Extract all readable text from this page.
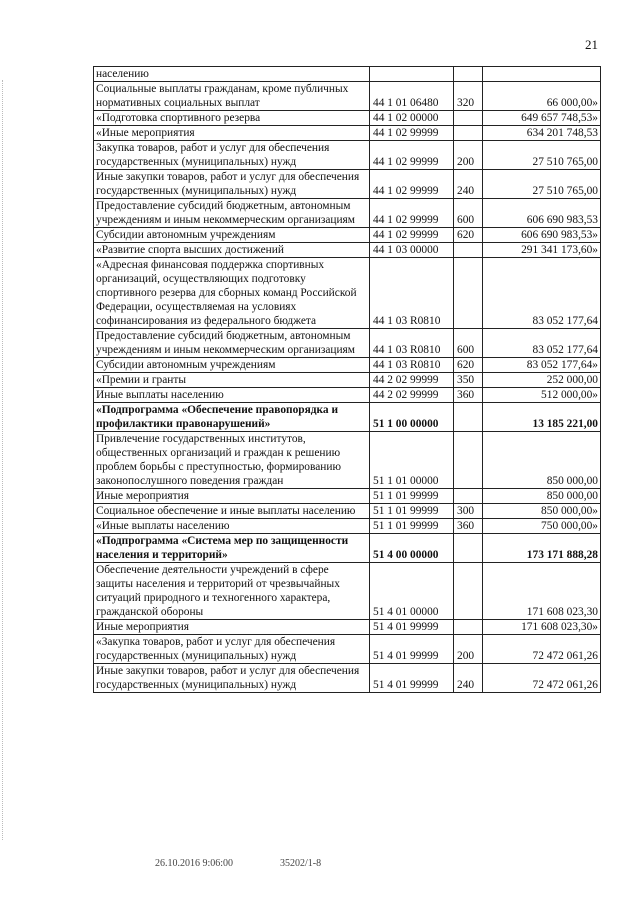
21
населению			
Социальные выплаты гражданам, кроме публичных нормативных социальных выплат	44 1 01 06480	320	66 000,00»
«Подготовка спортивного резерва	44 1 02 00000		649 657 748,53»
«Иные мероприятия	44 1 02 99999		634 201 748,53
Закупка товаров, работ и услуг для обеспечения государственных (муниципальных) нужд	44 1 02 99999	200	27 510 765,00
Иные закупки товаров, работ и услуг для обеспечения государственных (муниципальных) нужд	44 1 02 99999	240	27 510 765,00
Предоставление субсидий бюджетным, автономным учреждениям и иным некоммерческим организациям	44 1 02 99999	600	606 690 983,53
Субсидии автономным учреждениям	44 1 02 99999	620	606 690 983,53»
«Развитие спорта высших достижений	44 1 03 00000		291 341 173,60»
«Адресная финансовая поддержка спортивных организаций, осуществляющих подготовку спортивного резерва для сборных команд Российской Федерации, осуществляемая на условиях софинансирования из федерального бюджета	44 1 03 R0810		83 052 177,64
Предоставление субсидий бюджетным, автономным учреждениям и иным некоммерческим организациям	44 1 03 R0810	600	83 052 177,64
Субсидии автономным учреждениям	44 1 03 R0810	620	83 052 177,64»
«Премии и гранты	44 2 02 99999	350	252 000,00
Иные выплаты населению	44 2 02 99999	360	512 000,00»
«Подпрограмма «Обеспечение правопорядка и профилактики правонарушений»	51 1 00 00000		13 185 221,00
Привлечение государственных институтов, общественных организаций и граждан к решению проблем борьбы с преступностью, формированию законопослушного поведения граждан	51 1 01 00000		850 000,00
Иные мероприятия	51 1 01 99999		850 000,00
Социальное обеспечение и иные выплаты населению	51 1 01 99999	300	850 000,00»
«Иные выплаты населению	51 1 01 99999	360	750 000,00»
«Подпрограмма «Система мер по защищенности населения и территорий»	51 4 00 00000		173 171 888,28
Обеспечение деятельности учреждений в сфере защиты населения и территорий от чрезвычайных ситуаций природного и техногенного характера, гражданской обороны	51 4 01 00000		171 608 023,30
Иные мероприятия	51 4 01 99999		171 608 023,30»
«Закупка товаров, работ и услуг для обеспечения государственных (муниципальных) нужд	51 4 01 99999	200	72 472 061,26
Иные закупки товаров, работ и услуг для обеспечения государственных (муниципальных) нужд	51 4 01 99999	240	72 472 061,26
26.10.2016 9:06:00	35202/1-8
